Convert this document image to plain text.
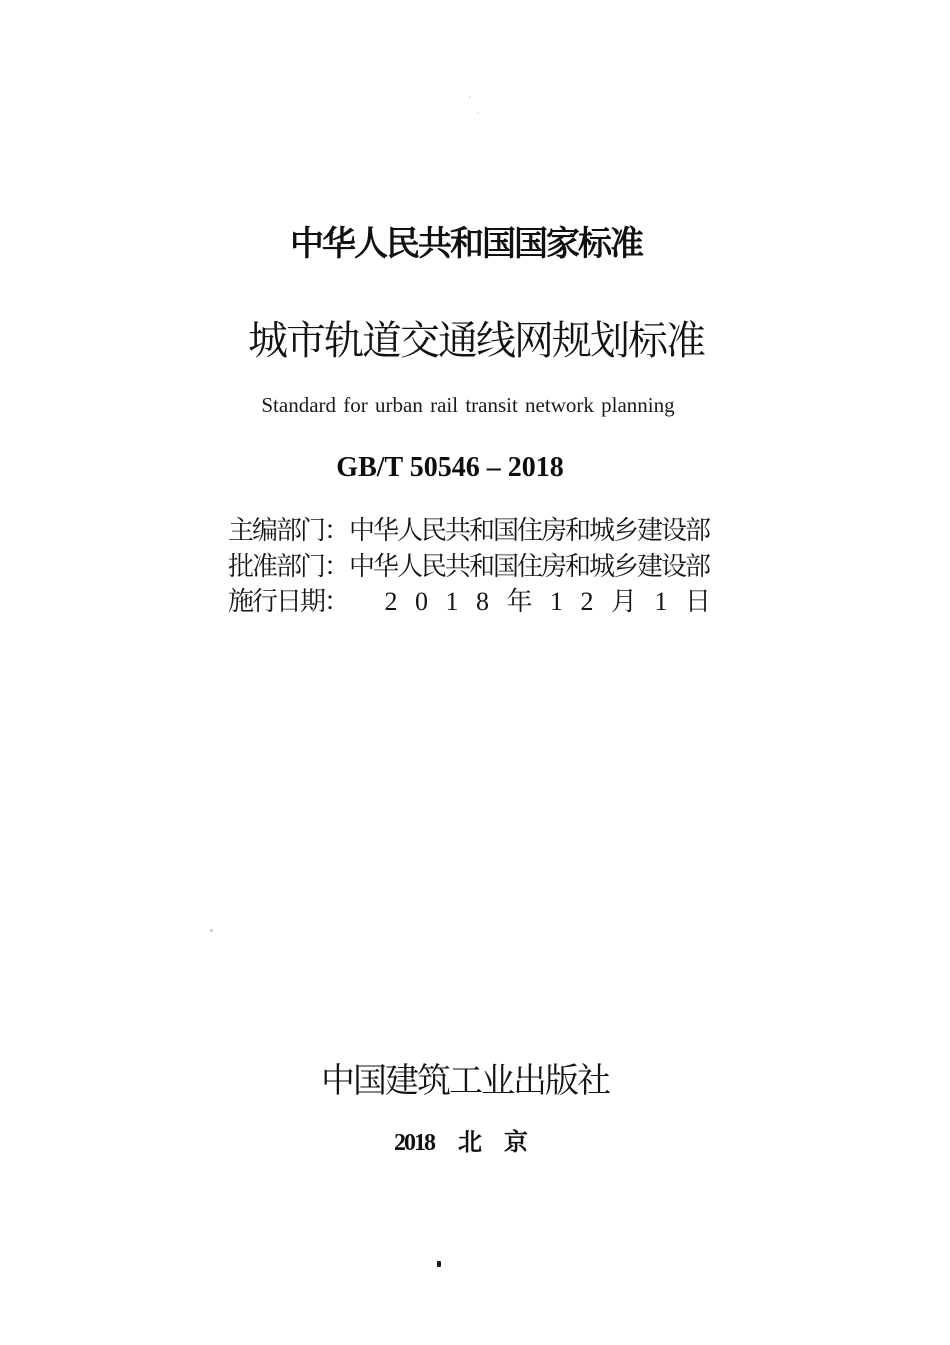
中华人民共和国国家标准
城市轨道交通线网规划标准
Standard for urban rail transit network planning
GB/T 50546 – 2018
主编部门： 中华人民共和国住房和城乡建设部
批准部门： 中华人民共和国住房和城乡建设部
施行日期： 2 0 1 8 年 1 2 月 1 日
中国建筑工业出版社
2018 北 京
